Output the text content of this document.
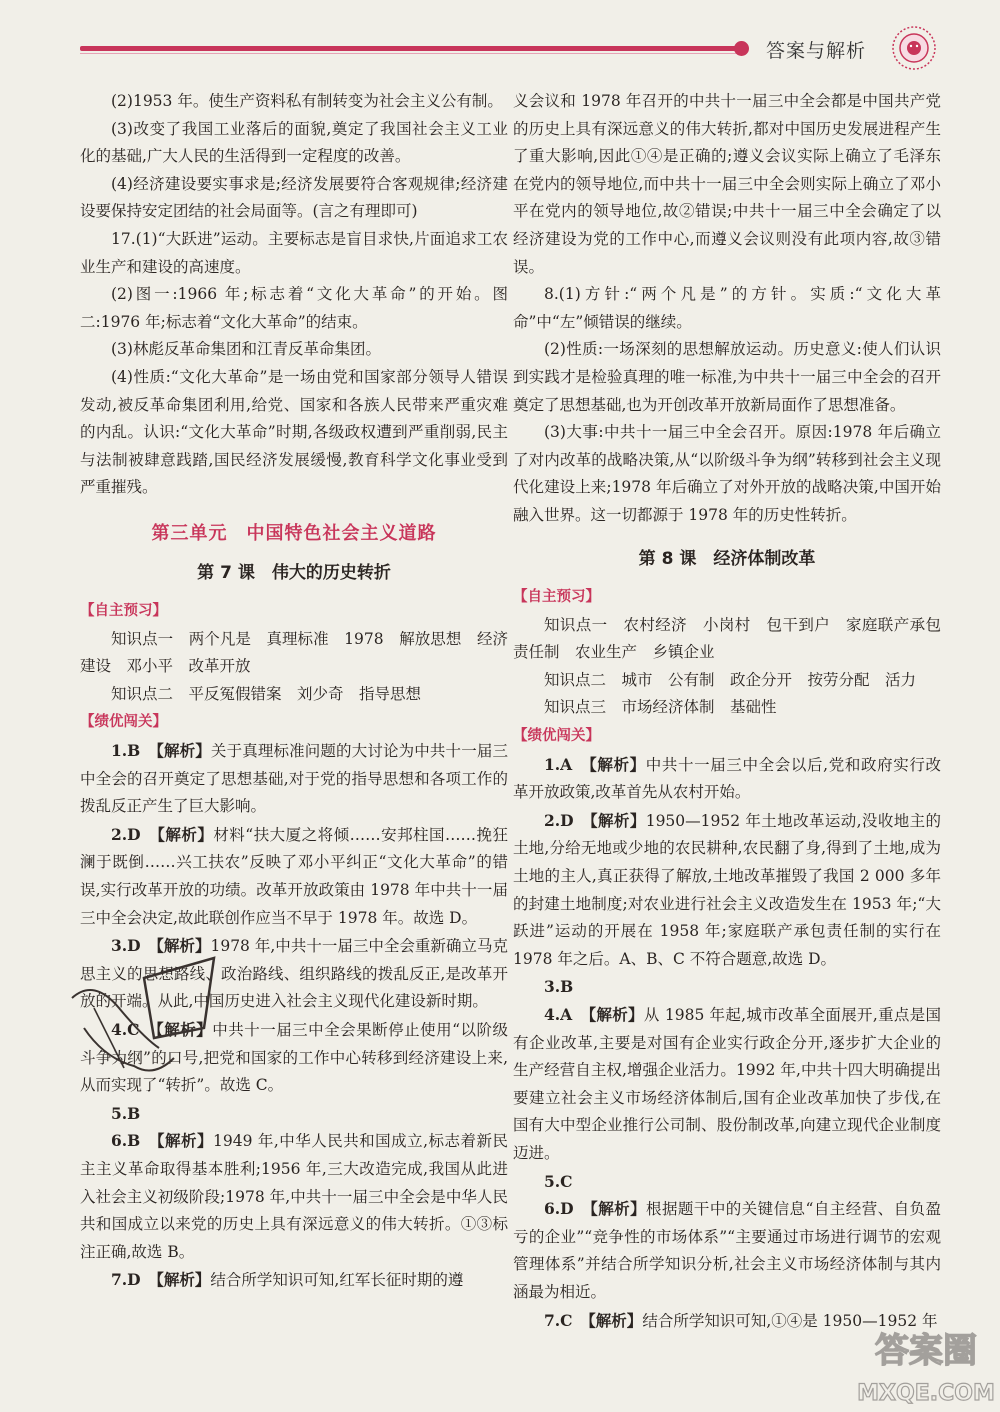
答案与解析

(2)1953 年。使生产资料私有制转变为社会主义公有制。

(3)改变了我国工业落后的面貌,奠定了我国社会主义工业化的基础,广大人民的生活得到一定程度的改善。

(4)经济建设要实事求是;经济发展要符合客观规律;经济建设要保持安定团结的社会局面等。(言之有理即可)

17.(1)“大跃进”运动。主要标志是盲目求快,片面追求工农业生产和建设的高速度。

(2)图一:1966 年;标志着“文化大革命”的开始。图二:1976 年;标志着“文化大革命”的结束。

(3)林彪反革命集团和江青反革命集团。

(4)性质:“文化大革命”是一场由党和国家部分领导人错误发动,被反革命集团利用,给党、国家和各族人民带来严重灾难的内乱。认识:“文化大革命”时期,各级政权遭到严重削弱,民主与法制被肆意践踏,国民经济发展缓慢,教育科学文化事业受到严重摧残。

第三单元　中国特色社会主义道路
第 7 课　伟大的历史转折

【自主预习】

知识点一　两个凡是　真理标准　1978　解放思想　经济建设　邓小平　改革开放

知识点二　平反冤假错案　刘少奇　指导思想

【绩优闯关】

1.B　 【解析】关于真理标准问题的大讨论为中共十一届三中全会的召开奠定了思想基础,对于党的指导思想和各项工作的拨乱反正产生了巨大影响。

2.D　 【解析】材料“扶大厦之将倾……安邦柱国……挽狂澜于既倒……兴工扶农”反映了邓小平纠正“文化大革命”的错误,实行改革开放的功绩。改革开放政策由 1978 年中共十一届三中全会决定,故此联创作应当不早于 1978 年。故选 D。

3.D　 【解析】1978 年,中共十一届三中全会重新确立马克思主义的思想路线、政治路线、组织路线的拨乱反正,是改革开放的开端。从此,中国历史进入社会主义现代化建设新时期。

4.C　 【解析】中共十一届三中全会果断停止使用“以阶级斗争为纲”的口号,把党和国家的工作中心转移到经济建设上来,从而实现了“转折”。故选 C。

5.B

6.B　 【解析】1949 年,中华人民共和国成立,标志着新民主主义革命取得基本胜利;1956 年,三大改造完成,我国从此进入社会主义初级阶段;1978 年,中共十一届三中全会是中华人民共和国成立以来党的历史上具有深远意义的伟大转折。①③标注正确,故选 B。

7.D　 【解析】结合所学知识可知,红军长征时期的遵

义会议和 1978 年召开的中共十一届三中全会都是中国共产党的历史上具有深远意义的伟大转折,都对中国历史发展进程产生了重大影响,因此①④是正确的;遵义会议实际上确立了毛泽东在党内的领导地位,而中共十一届三中全会则实际上确立了邓小平在党内的领导地位,故②错误;中共十一届三中全会确定了以经济建设为党的工作中心,而遵义会议则没有此项内容,故③错误。

8.(1)方针:“两个凡是”的方针。实质:“文化大革命”中“左”倾错误的继续。

(2)性质:一场深刻的思想解放运动。历史意义:使人们认识到实践才是检验真理的唯一标准,为中共十一届三中全会的召开奠定了思想基础,也为开创改革开放新局面作了思想准备。

(3)大事:中共十一届三中全会召开。原因:1978 年后确立了对内改革的战略决策,从“以阶级斗争为纲”转移到社会主义现代化建设上来;1978 年后确立了对外开放的战略决策,中国开始融入世界。这一切都源于 1978 年的历史性转折。

第 8 课　经济体制改革

【自主预习】

知识点一　农村经济　小岗村　包干到户　家庭联产承包责任制　农业生产　乡镇企业

知识点二　城市　公有制　政企分开　按劳分配　活力

知识点三　市场经济体制　基础性

【绩优闯关】

1.A　 【解析】中共十一届三中全会以后,党和政府实行改革开放政策,改革首先从农村开始。

2.D　 【解析】1950—1952 年土地改革运动,没收地主的土地,分给无地或少地的农民耕种,农民翻了身,得到了土地,成为土地的主人,真正获得了解放,土地改革摧毁了我国 2 000 多年的封建土地制度;对农业进行社会主义改造发生在 1953 年;“大跃进”运动的开展在 1958 年;家庭联产承包责任制的实行在 1978 年之后。A、B、C 不符合题意,故选 D。

3.B

4.A　 【解析】从 1985 年起,城市改革全面展开,重点是国有企业改革,主要是对国有企业实行政企分开,逐步扩大企业的生产经营自主权,增强企业活力。1992 年,中共十四大明确提出要建立社会主义市场经济体制后,国有企业改革加快了步伐,在国有大中型企业推行公司制、股份制改革,向建立现代企业制度迈进。

5.C

6.D　 【解析】根据题干中的关键信息“自主经营、自负盈亏的企业”“竞争性的市场体系”“主要通过市场进行调节的宏观管理体系”并结合所学知识分析,社会主义市场经济体制与其内涵最为相近。

7.C　 【解析】结合所学知识可知,①④是 1950—1952 年

答案圈
MXQE.COM
